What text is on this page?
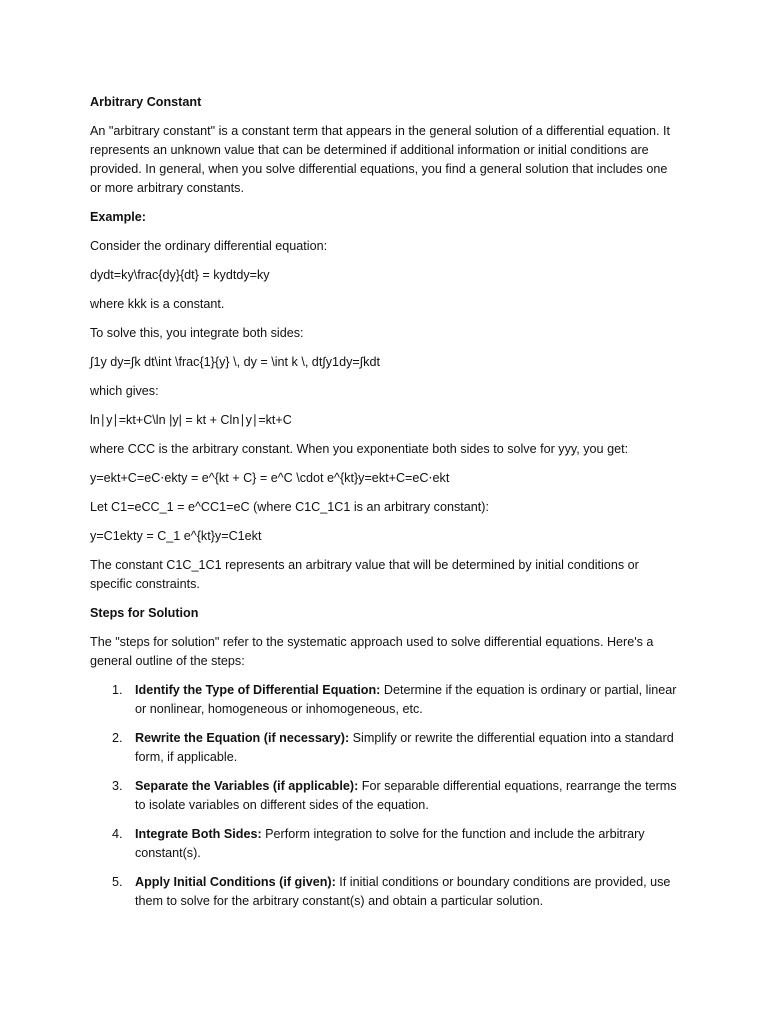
Arbitrary Constant

An "arbitrary constant" is a constant term that appears in the general solution of a differential equation. It represents an unknown value that can be determined if additional information or initial conditions are provided. In general, when you solve differential equations, you find a general solution that includes one or more arbitrary constants.

Example:

Consider the ordinary differential equation:

dydt=ky\frac{dy}{dt} = kydtdy=ky

where kkk is a constant.

To solve this, you integrate both sides:

∫1y dy=∫k dt\int \frac{1}{y} \, dy = \int k \, dt∫y1dy=∫kdt

which gives:

ln∣y∣=kt+C\ln |y| = kt + Cln∣y∣=kt+C

where CCC is the arbitrary constant. When you exponentiate both sides to solve for yyy, you get:

y=ekt+C=eC⋅ekty = e^{kt + C} = e^C \cdot e^{kt}y=ekt+C=eC⋅ekt

Let C1=eCC_1 = e^CC1=eC (where C1C_1C1 is an arbitrary constant):

y=C1ekty = C_1 e^{kt}y=C1ekt

The constant C1C_1C1 represents an arbitrary value that will be determined by initial conditions or specific constraints.

Steps for Solution

The "steps for solution" refer to the systematic approach used to solve differential equations. Here's a general outline of the steps:

1. Identify the Type of Differential Equation: Determine if the equation is ordinary or partial, linear or nonlinear, homogeneous or inhomogeneous, etc.
2. Rewrite the Equation (if necessary): Simplify or rewrite the differential equation into a standard form, if applicable.
3. Separate the Variables (if applicable): For separable differential equations, rearrange the terms to isolate variables on different sides of the equation.
4. Integrate Both Sides: Perform integration to solve for the function and include the arbitrary constant(s).
5. Apply Initial Conditions (if given): If initial conditions or boundary conditions are provided, use them to solve for the arbitrary constant(s) and obtain a particular solution.
